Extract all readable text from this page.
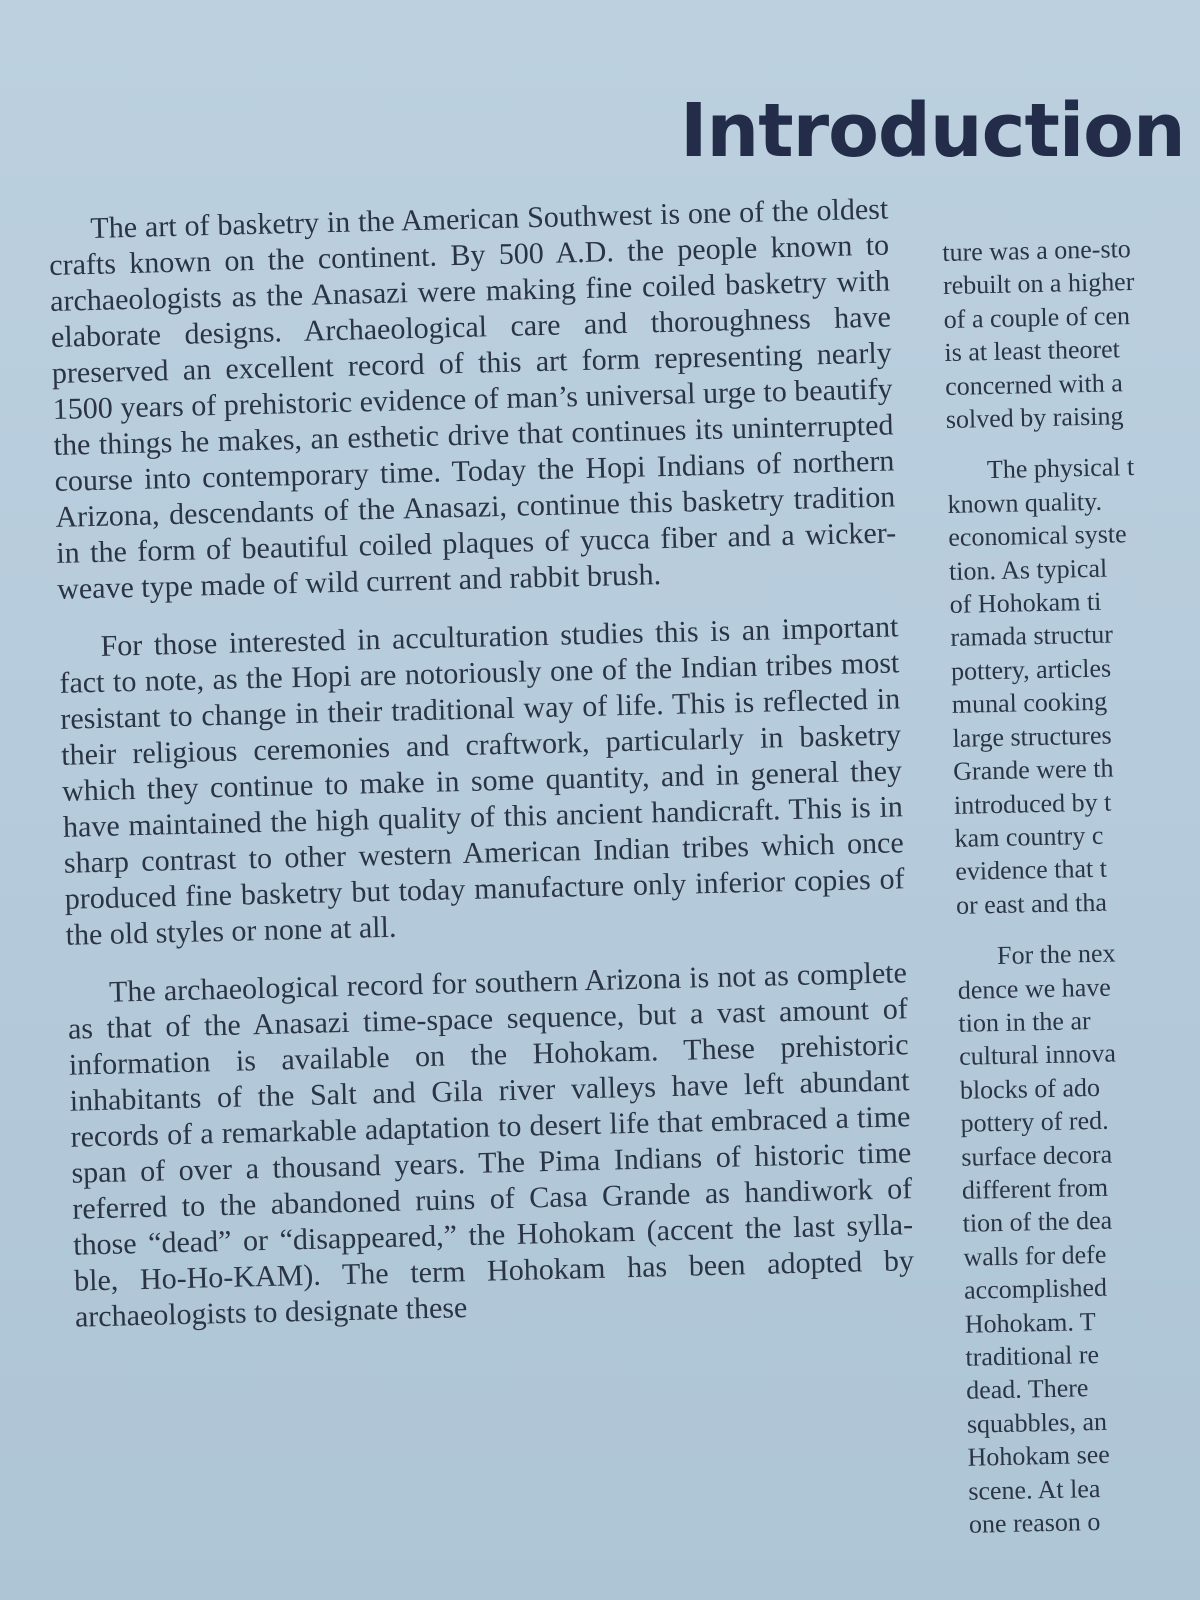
Introduction

The art of basketry in the American Southwest is one of the oldest crafts known on the continent. By 500 A.D. the people known to archaeologists as the Anasazi were making fine coiled basketry with elaborate designs. Archaeological care and thoroughness have preserved an excellent record of this art form representing nearly 1500 years of prehistoric evidence of man’s universal urge to beautify the things he makes, an esthetic drive that continues its uninterrupted course into contemporary time. Today the Hopi Indians of northern Arizona, descendants of the Anasazi, continue this basketry tradition in the form of beautiful coiled plaques of yucca fiber and a wicker-weave type made of wild current and rabbit brush.

For those interested in acculturation studies this is an important fact to note, as the Hopi are notoriously one of the Indian tribes most resistant to change in their traditional way of life. This is reflected in their religious ceremonies and craftwork, particularly in basketry which they continue to make in some quantity, and in general they have maintained the high quality of this ancient handicraft. This is in sharp contrast to other western American Indian tribes which once produced fine basketry but today manufacture only inferior copies of the old styles or none at all.

The archaeological record for southern Arizona is not as complete as that of the Anasazi time-space sequence, but a vast amount of information is available on the Hohokam. These prehistoric inhabitants of the Salt and Gila river valleys have left abundant records of a remarkable adaptation to desert life that embraced a time span of over a thousand years. The Pima Indians of historic time referred to the abandoned ruins of Casa Grande as handiwork of those “dead” or “disappeared,” the Hohokam (accent the last sylla-ble, Ho-Ho-KAM). The term Hohokam has been adopted by archaeologists to designate these

ture was a one-sto
rebuilt on a higher
of a couple of cen
is at least theoret
concerned with a
solved by raising

The physical t
known quality.
economical syste
tion. As typical
of Hohokam ti
ramada structur
pottery, articles
munal cooking
large structures
Grande were th
introduced by t
kam country c
evidence that t
or east and tha

For the nex
dence we have
tion in the ar
cultural innova
blocks of ado
pottery of red.
surface decora
different from
tion of the dea
walls for defe
accomplished
Hohokam. T
traditional re
dead. There
squabbles, an
Hohokam see
scene. At lea
one reason o
